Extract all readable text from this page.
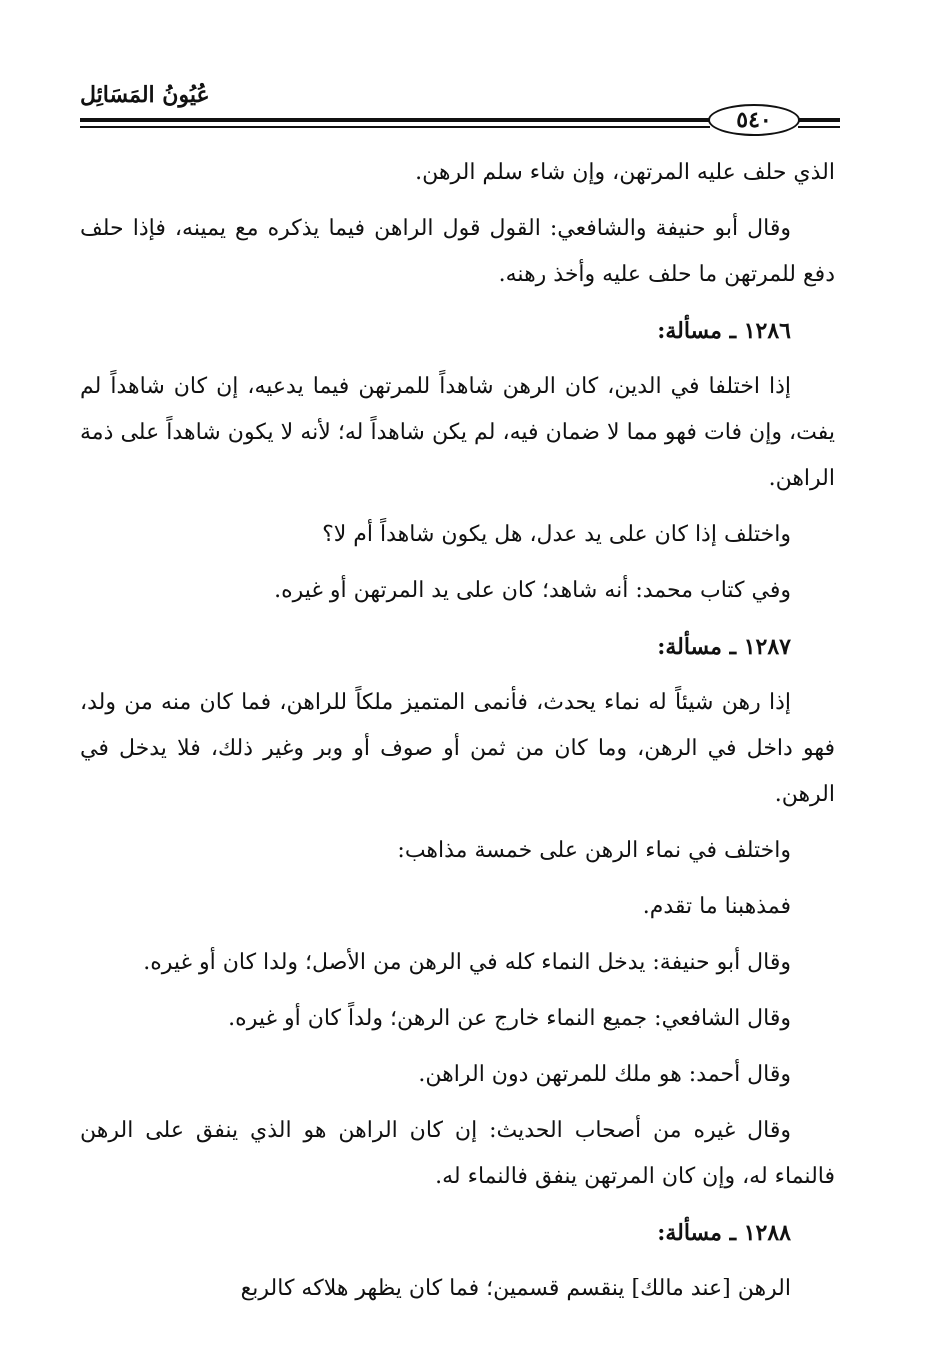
عُيُونُ المَسَائِل
٥٤٠

الذي حلف عليه المرتهن، وإن شاء سلم الرهن.

وقال أبو حنيفة والشافعي: القول قول الراهن فيما يذكره مع يمينه، فإذا حلف دفع للمرتهن ما حلف عليه وأخذ رهنه.

١٢٨٦ ـ مسألة:

إذا اختلفا في الدين، كان الرهن شاهداً للمرتهن فيما يدعيه، إن كان شاهداً لم يفت، وإن فات فهو مما لا ضمان فيه، لم يكن شاهداً له؛ لأنه لا يكون شاهداً على ذمة الراهن.

واختلف إذا كان على يد عدل، هل يكون شاهداً أم لا؟

وفي كتاب محمد: أنه شاهد؛ كان على يد المرتهن أو غيره.

١٢٨٧ ـ مسألة:

إذا رهن شيئاً له نماء يحدث، فأنمى المتميز ملكاً للراهن، فما كان منه من ولد، فهو داخل في الرهن، وما كان من ثمن أو صوف أو وبر وغير ذلك، فلا يدخل في الرهن.

واختلف في نماء الرهن على خمسة مذاهب:

فمذهبنا ما تقدم.

وقال أبو حنيفة: يدخل النماء كله في الرهن من الأصل؛ ولدا كان أو غيره.

وقال الشافعي: جميع النماء خارج عن الرهن؛ ولداً كان أو غيره.

وقال أحمد: هو ملك للمرتهن دون الراهن.

وقال غيره من أصحاب الحديث: إن كان الراهن هو الذي ينفق على الرهن فالنماء له، وإن كان المرتهن ينفق فالنماء له.

١٢٨٨ ـ مسألة:

الرهن [عند مالك] ينقسم قسمين؛ فما كان يظهر هلاكه كالربع
